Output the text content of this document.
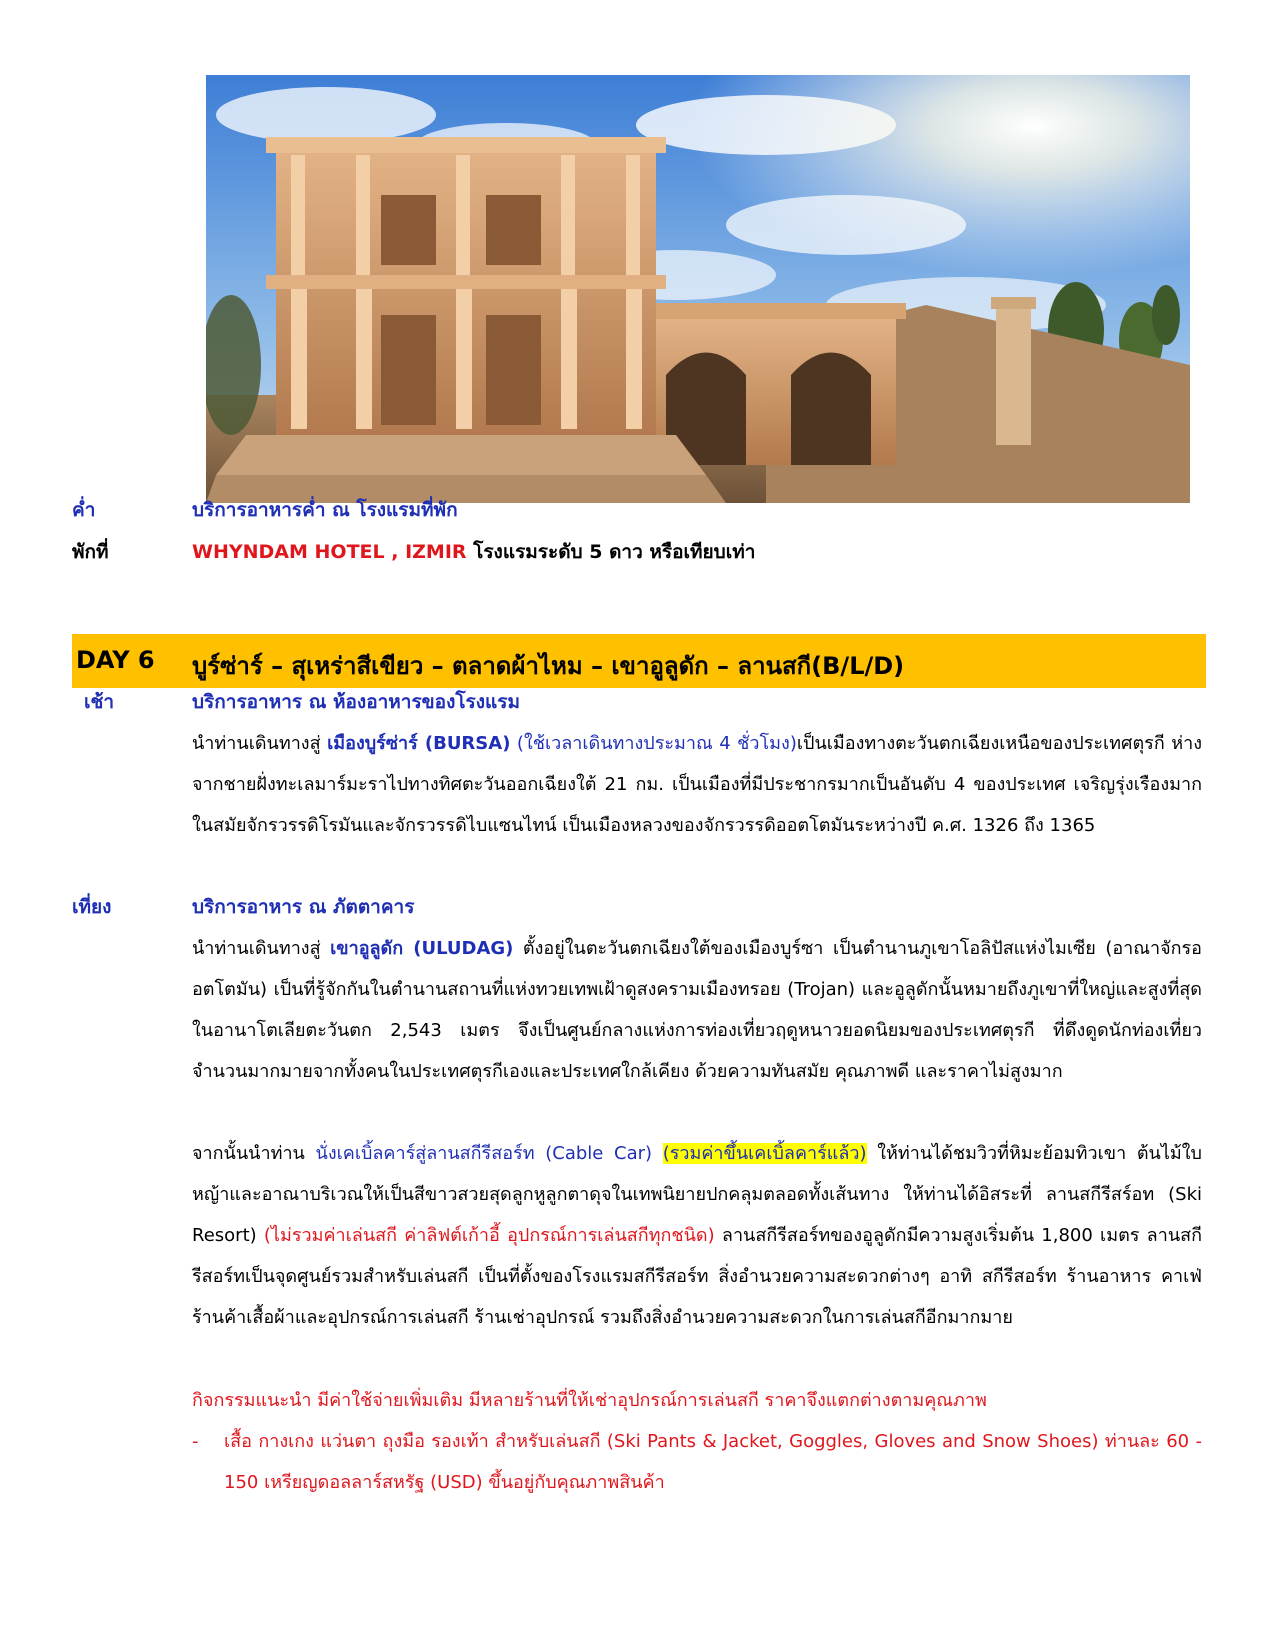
ค่ำ	บริการอาหารค่ำ ณ โรงแรมที่พัก
พักที่	WHYNDAM HOTEL , IZMIR โรงแรมระดับ 5 ดาว หรือเทียบเท่า
DAY 6 บูร์ซ่าร์ – สุเหร่าสีเขียว – ตลาดผ้าไหม – เขาอูลูดัก – ลานสกี(B/L/D)
เช้า	บริการอาหาร ณ ห้องอาหารของโรงแรม
นำท่านเดินทางสู่ เมืองบูร์ซ่าร์ (BURSA) (ใช้เวลาเดินทางประมาณ 4 ชั่วโมง)เป็นเมืองทางตะวันตกเฉียงเหนือของประเทศตุรกี ห่างจากชายฝั่งทะเลมาร์มะราไปทางทิศตะวันออกเฉียงใต้ 21 กม. เป็นเมืองที่มีประชากรมากเป็นอันดับ 4 ของประเทศ เจริญรุ่งเรืองมากในสมัยจักรวรรดิโรมันและจักรวรรดิไบแซนไทน์ เป็นเมืองหลวงของจักรวรรดิออตโตมันระหว่างปี ค.ศ. 1326 ถึง 1365
เที่ยง	บริการอาหาร ณ ภัตตาคาร
นำท่านเดินทางสู่ เขาอูลูดัก (ULUDAG) ตั้งอยู่ในตะวันตกเฉียงใต้ของเมืองบูร์ซา เป็นตำนานภูเขาโอลิปัสแห่งไมเซีย (อาณาจักรออตโตมัน) เป็นที่รู้จักกันในตำนานสถานที่แห่งทวยเทพเฝ้าดูสงครามเมืองทรอย (Trojan) และอูลูดักนั้นหมายถึงภูเขาที่ใหญ่และสูงที่สุดในอานาโตเลียตะวันตก 2,543 เมตร จึงเป็นศูนย์กลางแห่งการท่องเที่ยวฤดูหนาวยอดนิยมของประเทศตุรกี ที่ดึงดูดนักท่องเที่ยวจำนวนมากมายจากทั้งคนในประเทศตุรกีเองและประเทศใกล้เคียง ด้วยความทันสมัย คุณภาพดี และราคาไม่สูงมาก
จากนั้นนำท่าน นั่งเคเบิ้ลคาร์สู่ลานสกีรีสอร์ท (Cable Car) (รวมค่าขึ้นเคเบิ้ลคาร์แล้ว) ให้ท่านได้ชมวิวที่หิมะย้อมทิวเขา ต้นไม้ใบหญ้าและอาณาบริเวณให้เป็นสีขาวสวยสุดลูกหูลูกตาดุจในเทพนิยายปกคลุมตลอดทั้งเส้นทาง ให้ท่านได้อิสระที่ ลานสกีรีสร์อท (Ski Resort) (ไม่รวมค่าเล่นสกี ค่าลิฟต์เก้าอี้ อุปกรณ์การเล่นสกีทุกชนิด) ลานสกีรีสอร์ทของอูลูดักมีความสูงเริ่มต้น 1,800 เมตร ลานสกีรีสอร์ทเป็นจุดศูนย์รวมสำหรับเล่นสกี เป็นที่ตั้งของโรงแรมสกีรีสอร์ท สิ่งอำนวยความสะดวกต่างๆ อาทิ สกีรีสอร์ท ร้านอาหาร คาเฟ่ ร้านค้าเสื้อผ้าและอุปกรณ์การเล่นสกี ร้านเช่าอุปกรณ์ รวมถึงสิ่งอำนวยความสะดวกในการเล่นสกีอีกมากมาย
กิจกรรมแนะนำ มีค่าใช้จ่ายเพิ่มเติม มีหลายร้านที่ให้เช่าอุปกรณ์การเล่นสกี ราคาจึงแตกต่างตามคุณภาพ
- เสื้อ กางเกง แว่นตา ถุงมือ รองเท้า สำหรับเล่นสกี (Ski Pants & Jacket, Goggles, Gloves and Snow Shoes) ท่านละ 60 - 150 เหรียญดอลลาร์สหรัฐ (USD) ขึ้นอยู่กับคุณภาพสินค้า
